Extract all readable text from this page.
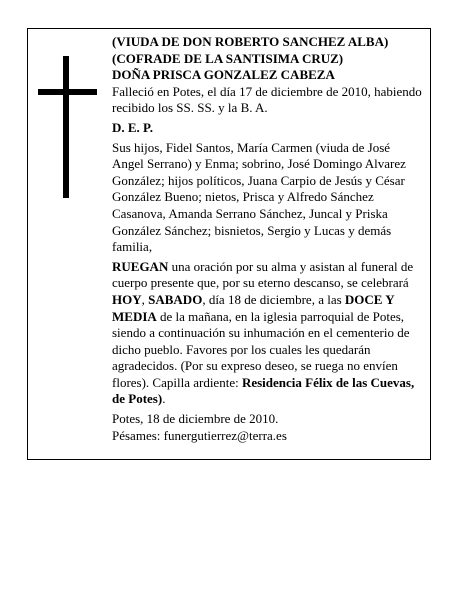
(VIUDA DE DON ROBERTO SANCHEZ ALBA)
(COFRADE DE LA SANTISIMA CRUZ)
DOÑA PRISCA GONZALEZ CABEZA

Falleció en Potes, el día 17 de diciembre de 2010, habiendo recibido los SS. SS. y la B. A.

D. E. P.

Sus hijos, Fidel Santos, María Carmen (viuda de José Angel Serrano) y Enma; sobrino, José Domingo Alvarez González; hijos políticos, Juana Carpio de Jesús y César González Bueno; nietos, Prisca y Alfredo Sánchez Casanova, Amanda Serrano Sánchez, Juncal y Priska González Sánchez; bisnietos, Sergio y Lucas y demás familia,

RUEGAN una oración por su alma y asistan al funeral de cuerpo presente que, por su eterno descanso, se celebrará HOY, SABADO, día 18 de diciembre, a las DOCE Y MEDIA de la mañana, en la iglesia parroquial de Potes, siendo a continuación su inhumación en el cementerio de dicho pueblo. Favores por los cuales les quedarán agradecidos. (Por su expreso deseo, se ruega no envíen flores). Capilla ardiente: Residencia Félix de las Cuevas, de Potes).

Potes, 18 de diciembre de 2010.
Pésames: funergutierrez@terra.es
